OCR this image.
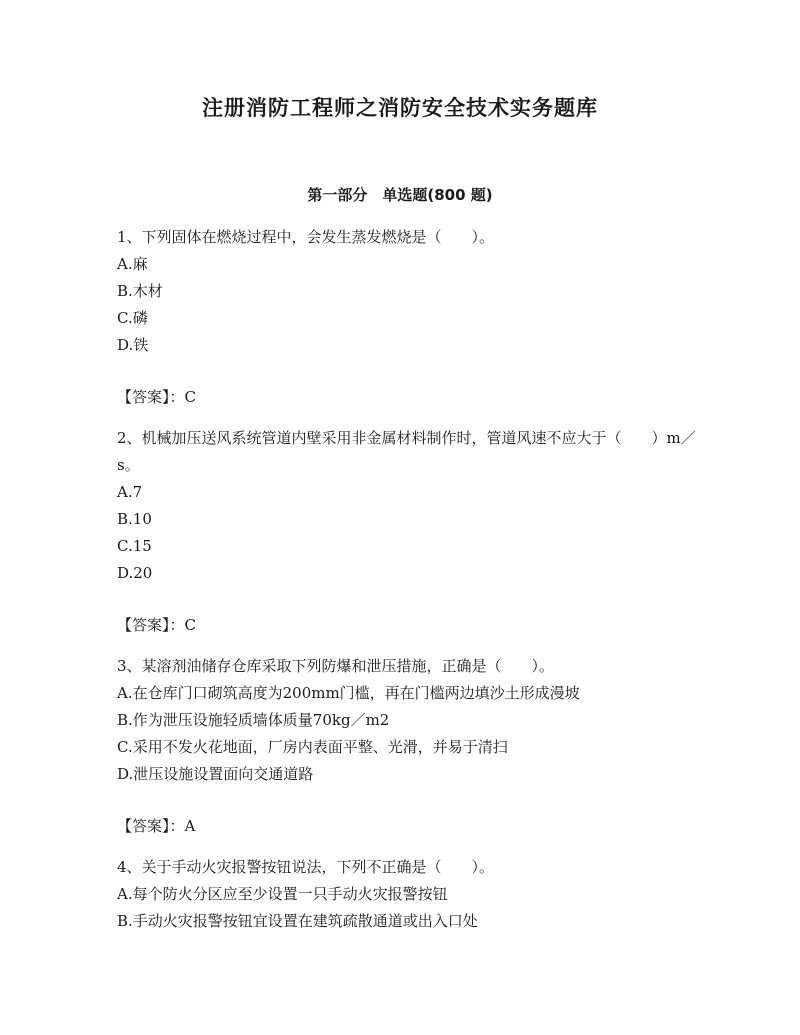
注册消防工程师之消防安全技术实务题库
第一部分　单选题(800 题)

1、下列固体在燃烧过程中，会发生蒸发燃烧是（　　）。

A.麻

B.木材

C.磷

D.铁

【答案】：C

2、机械加压送风系统管道内壁采用非金属材料制作时，管道风速不应大于（　　）m／s。

A.7

B.10

C.15

D.20

【答案】：C

3、某溶剂油储存仓库采取下列防爆和泄压措施，正确是（　　）。

A.在仓库门口砌筑高度为200mm门槛，再在门槛两边填沙土形成漫坡

B.作为泄压设施轻质墙体质量70kg／m2

C.采用不发火花地面，厂房内表面平整、光滑，并易于清扫

D.泄压设施设置面向交通道路

【答案】：A

4、关于手动火灾报警按钮说法，下列不正确是（　　）。

A.每个防火分区应至少设置一只手动火灾报警按钮

B.手动火灾报警按钮宜设置在建筑疏散通道或出入口处
